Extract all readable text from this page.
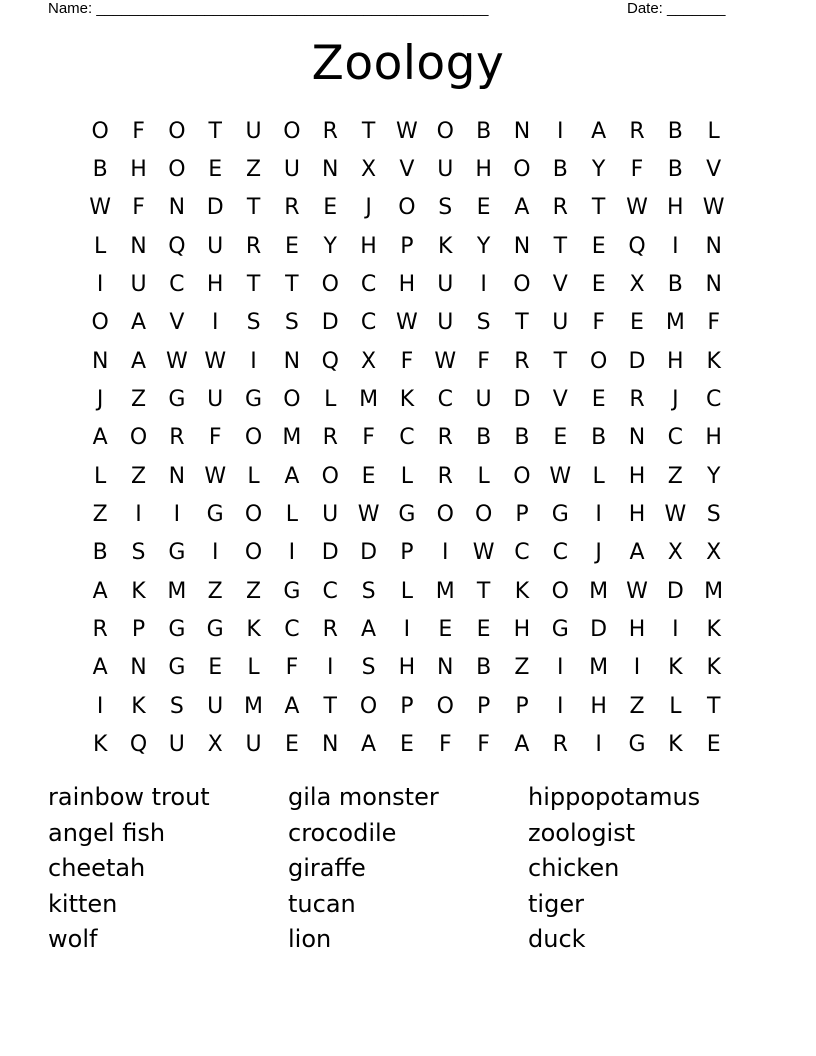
Name: _______________________________________________	Date: _______
Zoology
O	F	O	T	U O	R	T W O	B	N	I	A	R	B	L
B	H O	E	Z	U	N	X	V	U	H O	B	Y	F	B	V
W F	N D	T	R	E	J	O	S	E	A	R	T W H W
L	N Q U	R	E	Y	H	P	K	Y	N	T	E	Q	I	N
I	U	C	H	T	T	O	C	H	U	I	O	V	E	X	B	N
O	A	V	I	S	S	D	C W U	S	T	U	F	E M	F
N	A W W	I	N Q	X	F W F	R	T	O D H	K
J	Z	G U G O	L	M K	C	U D	V	E	R	J	C
A	O	R	F	O M R	F	C	R	B	B	E	B	N	C	H
L	Z	N W L	A	O	E	L	R	L	O W L	H	Z	Y
Z	I	I	G O	L	U W G O O	P	G	I	H W S
B	S	G	I	O	I	D D	P	I	W C	C	J	A	X	X
A	K M Z	Z	G	C	S	L	M	T	K	O M W D M
R	P	G G	K	C	R	A	I	E	E	H G D H	I	K
A	N G	E	L	F	I	S	H N	B	Z	I	M	I	K	K
I	K	S	U M A	T	O	P	O	P	P	I	H	Z	L	T
K	Q U	X	U	E	N	A	E	F	F	A	R	I	G	K	E
rainbow trout	gila monster	hippopotamus
angel fish	crocodile	zoologist
cheetah	giraffe	chicken
kitten	tucan	tiger
wolf	lion	duck
